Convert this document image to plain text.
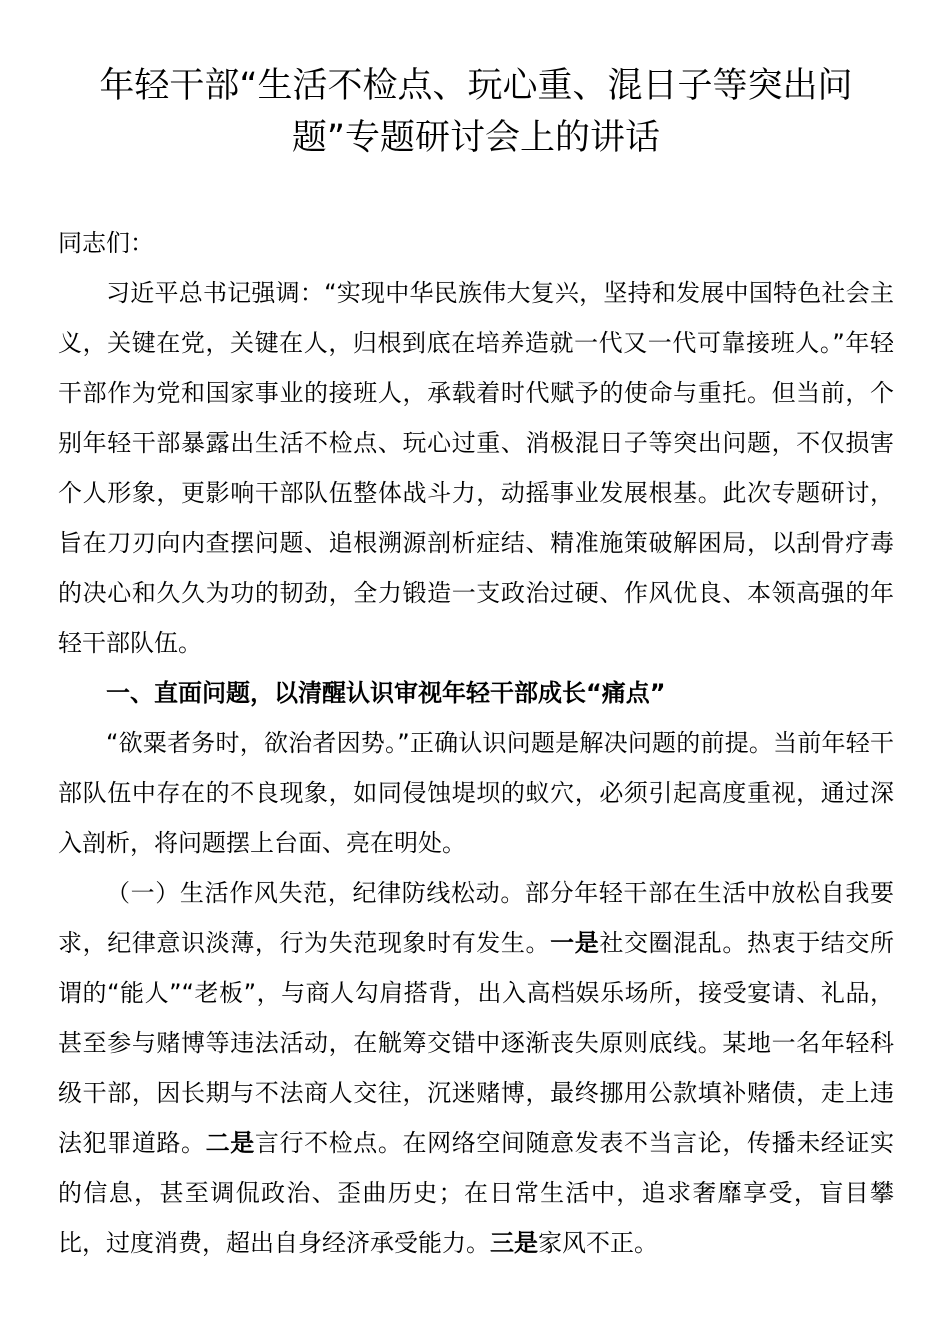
年轻干部“生活不检点、玩心重、混日子等突出问题”专题研讨会上的讲话

同志们：

习近平总书记强调：“实现中华民族伟大复兴，坚持和发展中国特色社会主义，关键在党，关键在人，归根到底在培养造就一代又一代可靠接班人。”年轻干部作为党和国家事业的接班人，承载着时代赋予的使命与重托。但当前，个别年轻干部暴露出生活不检点、玩心过重、消极混日子等突出问题，不仅损害个人形象，更影响干部队伍整体战斗力，动摇事业发展根基。此次专题研讨，旨在刀刃向内查摆问题、追根溯源剖析症结、精准施策破解困局，以刮骨疗毒的决心和久久为功的韧劲，全力锻造一支政治过硬、作风优良、本领高强的年轻干部队伍。

一、直面问题，以清醒认识审视年轻干部成长“痛点”

“欲粟者务时，欲治者因势。”正确认识问题是解决问题的前提。当前年轻干部队伍中存在的不良现象，如同侵蚀堤坝的蚁穴，必须引起高度重视，通过深入剖析，将问题摆上台面、亮在明处。

（一）生活作风失范，纪律防线松动。部分年轻干部在生活中放松自我要求，纪律意识淡薄，行为失范现象时有发生。一是社交圈混乱。热衷于结交所谓的“能人”“老板”，与商人勾肩搭背，出入高档娱乐场所，接受宴请、礼品，甚至参与赌博等违法活动，在觥筹交错中逐渐丧失原则底线。某地一名年轻科级干部，因长期与不法商人交往，沉迷赌博，最终挪用公款填补赌债，走上违法犯罪道路。二是言行不检点。在网络空间随意发表不当言论，传播未经证实的信息，甚至调侃政治、歪曲历史；在日常生活中，追求奢靡享受，盲目攀比，过度消费，超出自身经济承受能力。三是家风不正。
